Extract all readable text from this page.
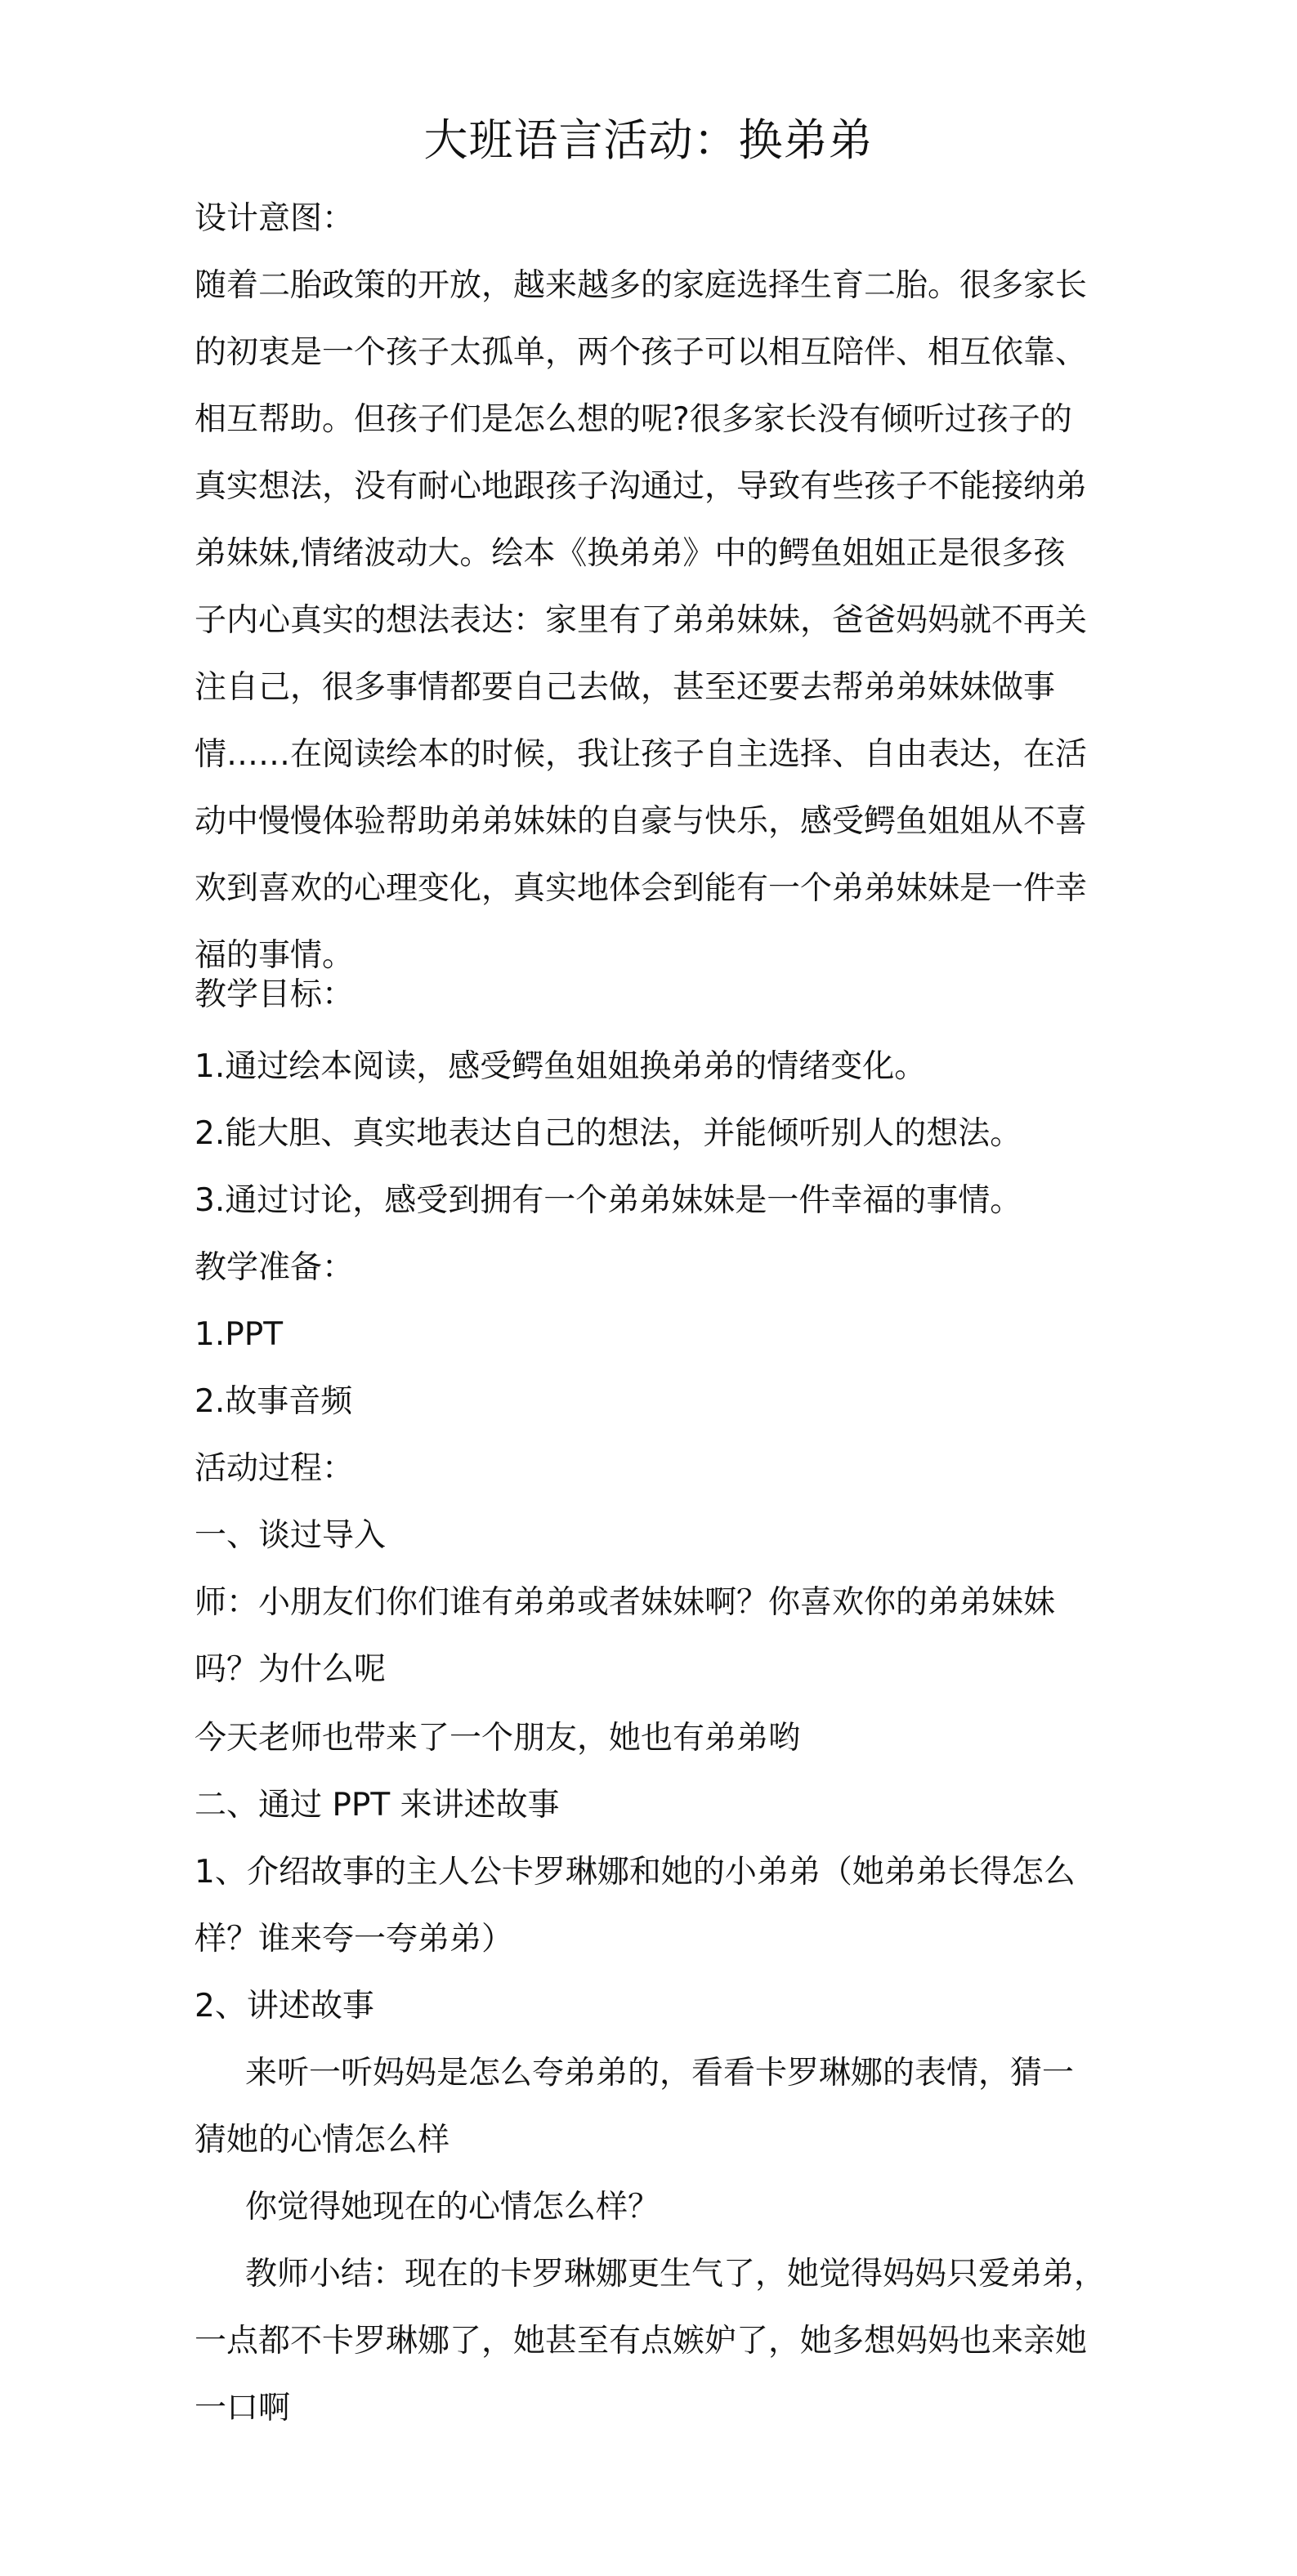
大班语言活动：换弟弟
设计意图：
随着二胎政策的开放，越来越多的家庭选择生育二胎。很多家长
的初衷是一个孩子太孤单，两个孩子可以相互陪伴、相互依靠、
相互帮助。但孩子们是怎么想的呢?很多家长没有倾听过孩子的
真实想法，没有耐心地跟孩子沟通过，导致有些孩子不能接纳弟
弟妹妹,情绪波动大。绘本《换弟弟》中的鳄鱼姐姐正是很多孩
子内心真实的想法表达：家里有了弟弟妹妹，爸爸妈妈就不再关
注自己，很多事情都要自己去做，甚至还要去帮弟弟妹妹做事
情……在阅读绘本的时候，我让孩子自主选择、自由表达，在活
动中慢慢体验帮助弟弟妹妹的自豪与快乐，感受鳄鱼姐姐从不喜
欢到喜欢的心理变化，真实地体会到能有一个弟弟妹妹是一件幸
福的事情。
教学目标：
1.通过绘本阅读，感受鳄鱼姐姐换弟弟的情绪变化。
2.能大胆、真实地表达自己的想法，并能倾听别人的想法。
3.通过讨论，感受到拥有一个弟弟妹妹是一件幸福的事情。
教学准备：
1.PPT
2.故事音频
活动过程：
一、谈过导入
师：小朋友们你们谁有弟弟或者妹妹啊？你喜欢你的弟弟妹妹
吗？为什么呢
今天老师也带来了一个朋友，她也有弟弟哟
二、通过 PPT 来讲述故事
1、介绍故事的主人公卡罗琳娜和她的小弟弟（她弟弟长得怎么
样？谁来夸一夸弟弟）
2、讲述故事
来听一听妈妈是怎么夸弟弟的，看看卡罗琳娜的表情，猜一
猜她的心情怎么样
你觉得她现在的心情怎么样？
教师小结：现在的卡罗琳娜更生气了，她觉得妈妈只爱弟弟，
一点都不卡罗琳娜了，她甚至有点嫉妒了，她多想妈妈也来亲她
一口啊
